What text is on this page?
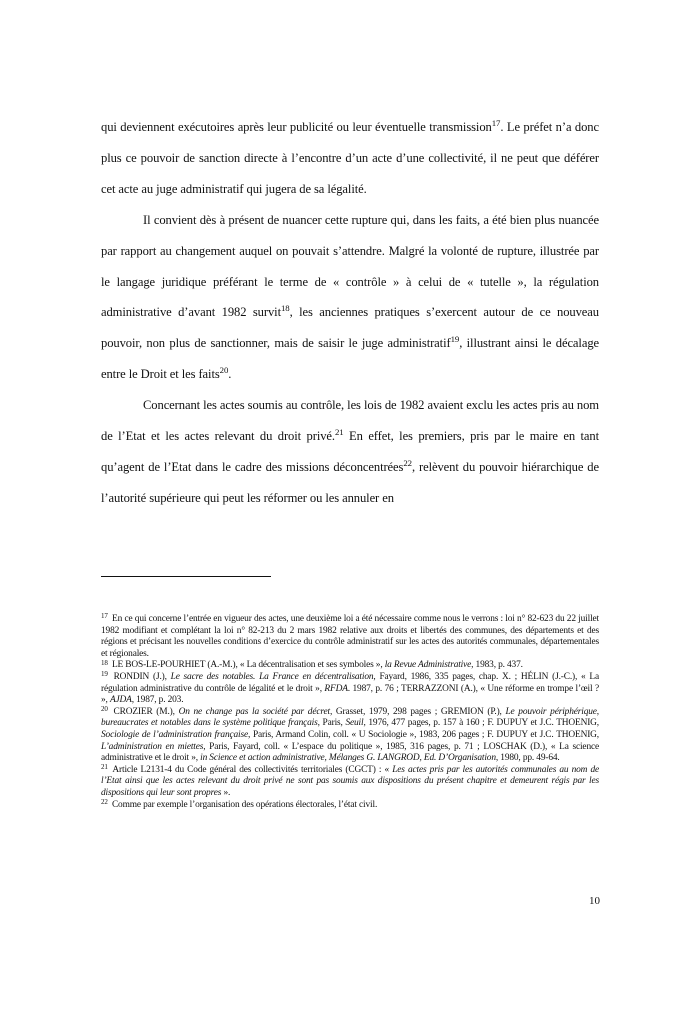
qui deviennent exécutoires après leur publicité ou leur éventuelle transmission$^{17}$. Le préfet n’a donc plus ce pouvoir de sanction directe à l’encontre d’un acte d’une collectivité, il ne peut que déférer cet acte au juge administratif qui jugera de sa légalité.

Il convient dès à présent de nuancer cette rupture qui, dans les faits, a été bien plus nuancée par rapport au changement auquel on pouvait s’attendre. Malgré la volonté de rupture, illustrée par le langage juridique préférant le terme de « contrôle » à celui de « tutelle », la régulation administrative d’avant 1982 survit$^{18}$, les anciennes pratiques s’exercent autour de ce nouveau pouvoir, non plus de sanctionner, mais de saisir le juge administratif$^{19}$, illustrant ainsi le décalage entre le Droit et les faits$^{20}$.

Concernant les actes soumis au contrôle, les lois de 1982 avaient exclu les actes pris au nom de l’Etat et les actes relevant du droit privé.$^{21}$ En effet, les premiers, pris par le maire en tant qu’agent de l’Etat dans le cadre des missions déconcentrées$^{22}$, relèvent du pouvoir hiérarchique de l’autorité supérieure qui peut les réformer ou les annuler en

$^{17}$ En ce qui concerne l’entrée en vigueur des actes, une deuxième loi a été nécessaire comme nous le verrons : loi n° 82-623 du 22 juillet 1982 modifiant et complétant la loi n° 82-213 du 2 mars 1982 relative aux droits et libertés des communes, des départements et des régions et précisant les nouvelles conditions d’exercice du contrôle administratif sur les actes des autorités communales, départementales et régionales.

$^{18}$ LE BOS-LE-POURHIET (A.-M.), « La décentralisation et ses symboles », la Revue Administrative, 1983, p. 437.

$^{19}$ RONDIN (J.), Le sacre des notables. La France en décentralisation, Fayard, 1986, 335 pages, chap. X. ; HÉLIN (J.-C.), « La régulation administrative du contrôle de légalité et le droit », RFDA. 1987, p. 76 ; TERRAZZONI (A.), « Une réforme en trompe l’œil ? », AJDA, 1987, p. 203.

$^{20}$ CROZIER (M.), On ne change pas la société par décret, Grasset, 1979, 298 pages ; GREMION (P.), Le pouvoir périphérique, bureaucrates et notables dans le système politique français, Paris, Seuil, 1976, 477 pages, p. 157 à 160 ; F. DUPUY et J.C. THOENIG, Sociologie de l’administration française, Paris, Armand Colin, coll. « U Sociologie », 1983, 206 pages ; F. DUPUY et J.C. THOENIG, L’administration en miettes, Paris, Fayard, coll. « L’espace du politique », 1985, 316 pages, p. 71 ; LOSCHAK (D.), « La science administrative et le droit », in Science et action administrative, Mélanges G. LANGROD, Ed. D’Organisation, 1980, pp. 49-64.

$^{21}$ Article L2131-4 du Code général des collectivités territoriales (CGCT) : « Les actes pris par les autorités communales au nom de l’Etat ainsi que les actes relevant du droit privé ne sont pas soumis aux dispositions du présent chapitre et demeurent régis par les dispositions qui leur sont propres ».

$^{22}$ Comme par exemple l’organisation des opérations électorales, l’état civil.

10
